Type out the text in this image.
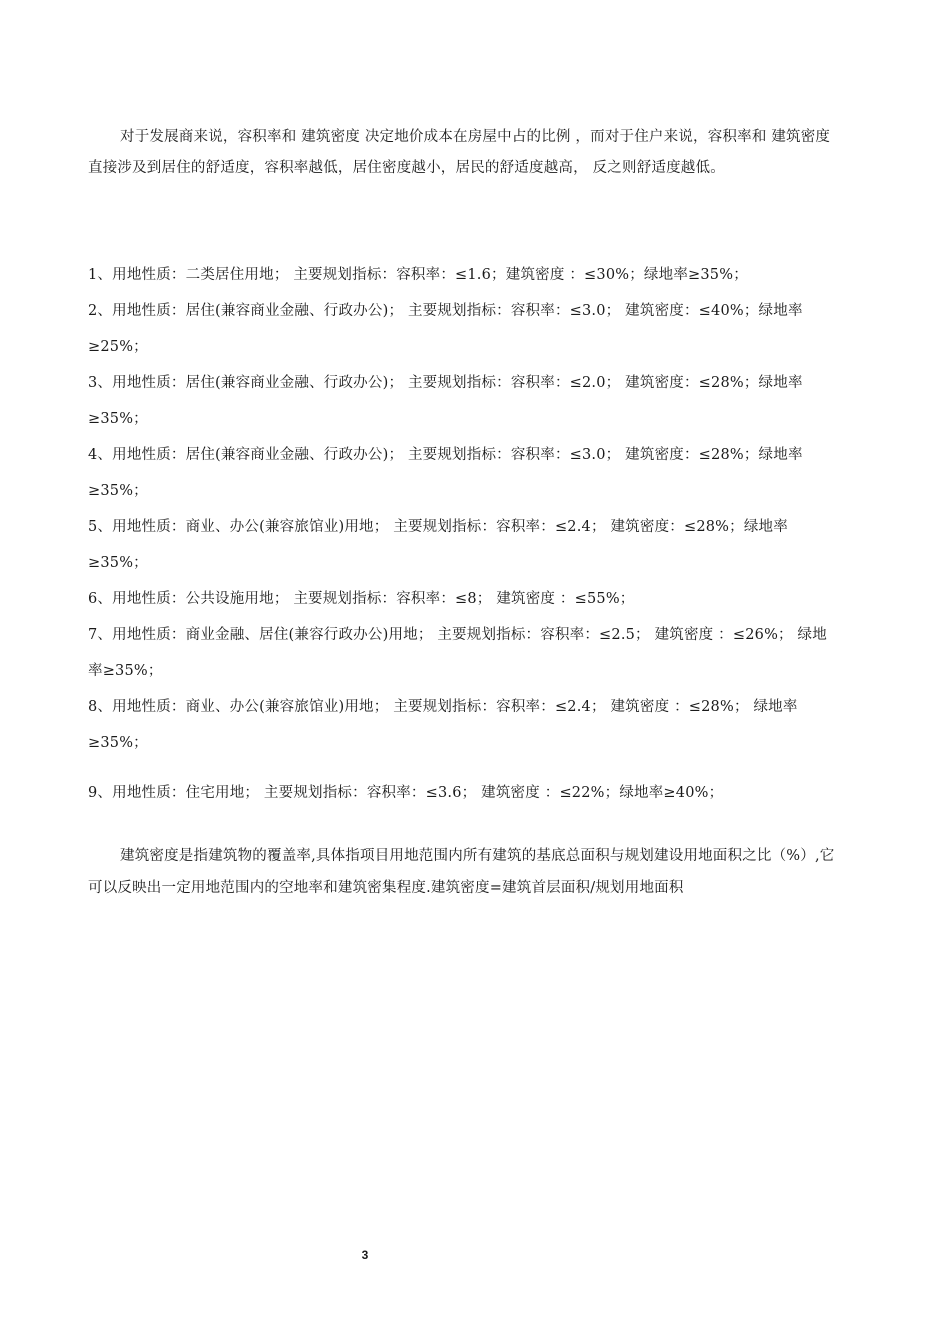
对于发展商来说，容积率和 建筑密度 决定地价成本在房屋中占的比例 ，而对于住户来说，容积率和 建筑密度 直接涉及到居住的舒适度，容积率越低，居住密度越小，居民的舒适度越高， 反之则舒适度越低。

1、用地性质：二类居住用地； 主要规划指标：容积率：≤1.6；建筑密度 ：≤30%；绿地率≥35%；

2、用地性质：居住(兼容商业金融、行政办公)； 主要规划指标：容积率：≤3.0； 建筑密度：≤40%；绿地率≥25%；

3、用地性质：居住(兼容商业金融、行政办公)； 主要规划指标：容积率：≤2.0； 建筑密度：≤28%；绿地率≥35%；

4、用地性质：居住(兼容商业金融、行政办公)； 主要规划指标：容积率：≤3.0； 建筑密度：≤28%；绿地率≥35%；

5、用地性质：商业、办公(兼容旅馆业)用地； 主要规划指标：容积率：≤2.4； 建筑密度：≤28%；绿地率≥35%；

6、用地性质：公共设施用地； 主要规划指标：容积率：≤8； 建筑密度 ：≤55%；

7、用地性质：商业金融、居住(兼容行政办公)用地； 主要规划指标：容积率：≤2.5； 建筑密度 ：≤26%； 绿地率≥35%；

8、用地性质：商业、办公(兼容旅馆业)用地； 主要规划指标：容积率：≤2.4； 建筑密度 ：≤28%； 绿地率≥35%；

9、用地性质：住宅用地； 主要规划指标：容积率：≤3.6； 建筑密度 ：≤22%；绿地率≥40%；

建筑密度是指建筑物的覆盖率,具体指项目用地范围内所有建筑的基底总面积与规划建设用地面积之比（%）,它可以反映出一定用地范围内的空地率和建筑密集程度.建筑密度=建筑首层面积/规划用地面积

3
